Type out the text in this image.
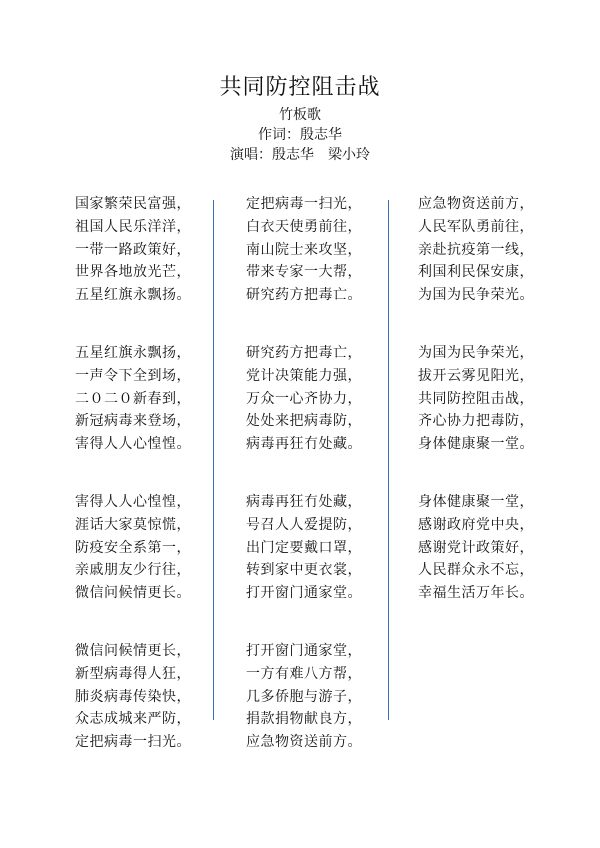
共同防控阻击战
竹板歌
作词：殷志华
演唱：殷志华 梁小玲
国家繁荣民富强，
祖国人民乐洋洋，
一带一路政策好，
世界各地放光芒，
五星红旗永飘扬。
五星红旗永飘扬，
一声令下全到场，
二０二０新春到，
新冠病毒来登场，
害得人人心惶惶。
害得人人心惶惶，
涯话大家莫惊慌，
防疫安全系第一，
亲戚朋友少行往，
微信问候情更长。
微信问候情更长，
新型病毒得人狂，
肺炎病毒传染快，
众志成城来严防，
定把病毒一扫光。
定把病毒一扫光，
白衣天使勇前往，
南山院士来攻坚，
带来专家一大帮，
研究药方把毒亡。
研究药方把毒亡，
党计决策能力强，
万众一心齐协力，
处处来把病毒防，
病毒再狂冇处藏。
病毒再狂冇处藏，
号召人人爱提防，
出门定要戴口罩，
转到家中更衣裳，
打开窗门通家堂。
打开窗门通家堂，
一方有难八方帮，
几多侨胞与游子，
捐款捐物献良方，
应急物资送前方。
应急物资送前方，
人民军队勇前往，
亲赴抗疫第一线，
利国利民保安康，
为国为民争荣光。
为国为民争荣光，
拔开云雾见阳光，
共同防控阻击战，
齐心协力把毒防，
身体健康聚一堂。
身体健康聚一堂，
感谢政府党中央，
感谢党计政策好，
人民群众永不忘，
幸福生活万年长。
